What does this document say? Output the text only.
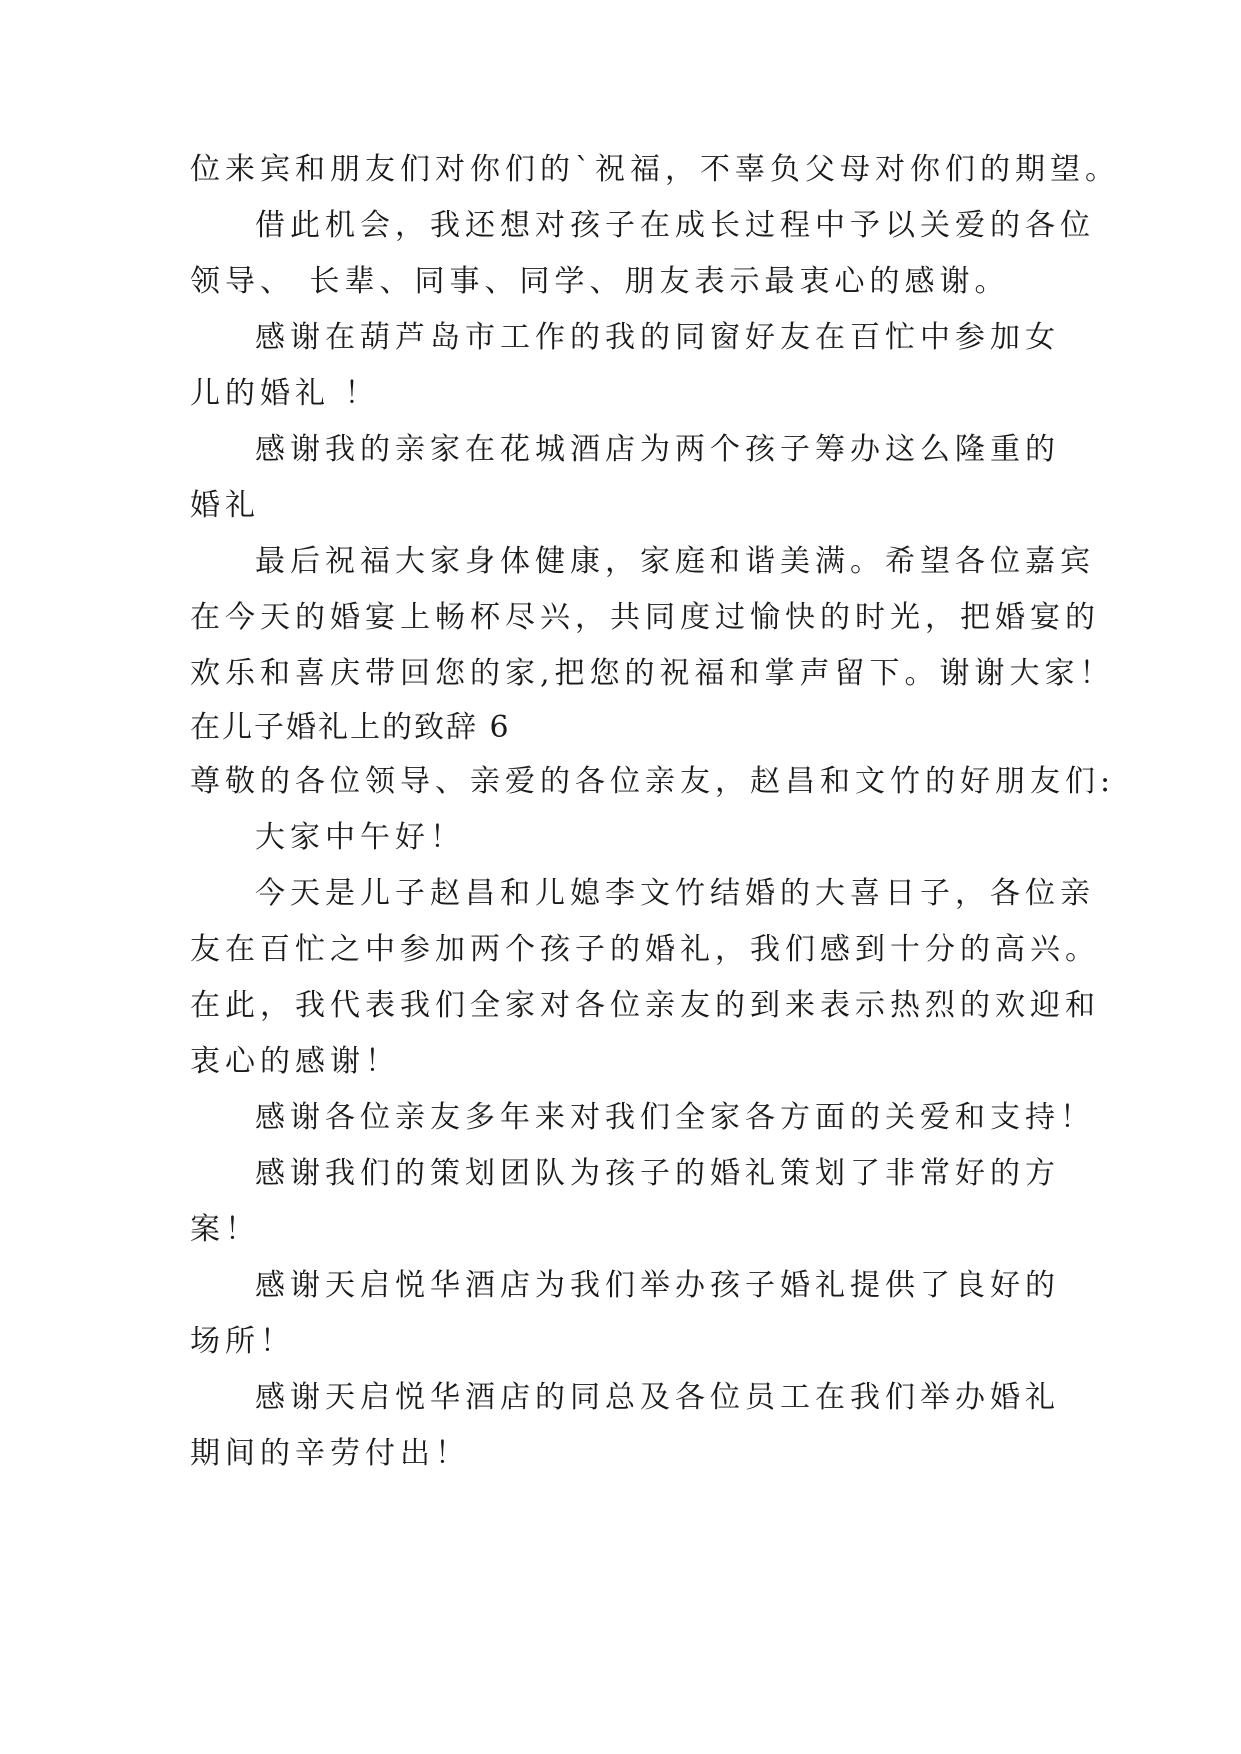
位来宾和朋友们对你们的`祝福，不辜负父母对你们的期望。
借此机会，我还想对孩子在成长过程中予以关爱的各位
领导、 长辈、同事、同学、朋友表示最衷心的感谢。
感谢在葫芦岛市工作的我的同窗好友在百忙中参加女
儿的婚礼 ！
感谢我的亲家在花城酒店为两个孩子筹办这么隆重的
婚礼
最后祝福大家身体健康，家庭和谐美满。希望各位嘉宾
在今天的婚宴上畅杯尽兴，共同度过愉快的时光，把婚宴的
欢乐和喜庆带回您的家,把您的祝福和掌声留下。谢谢大家！
在儿子婚礼上的致辞 6
尊敬的各位领导、亲爱的各位亲友，赵昌和文竹的好朋友们:
大家中午好！
今天是儿子赵昌和儿媳李文竹结婚的大喜日子，各位亲
友在百忙之中参加两个孩子的婚礼，我们感到十分的高兴。
在此，我代表我们全家对各位亲友的到来表示热烈的欢迎和
衷心的感谢！
感谢各位亲友多年来对我们全家各方面的关爱和支持！
感谢我们的策划团队为孩子的婚礼策划了非常好的方
案！
感谢天启悦华酒店为我们举办孩子婚礼提供了良好的
场所！
感谢天启悦华酒店的同总及各位员工在我们举办婚礼
期间的辛劳付出！
